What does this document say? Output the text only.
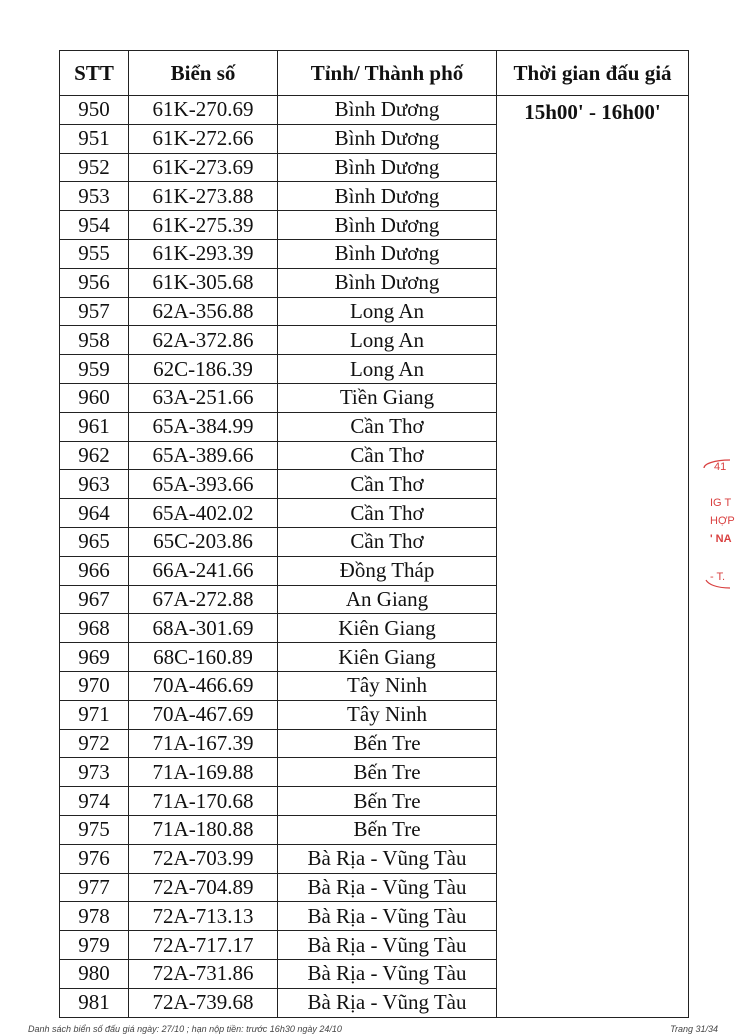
STT	Biển số	Tỉnh/ Thành phố	Thời gian đấu giá
950	61K-270.69	Bình Dương	15h00' - 16h00'
951	61K-272.66	Bình Dương	
952	61K-273.69	Bình Dương	
953	61K-273.88	Bình Dương	
954	61K-275.39	Bình Dương	
955	61K-293.39	Bình Dương	
956	61K-305.68	Bình Dương	
957	62A-356.88	Long An	
958	62A-372.86	Long An	
959	62C-186.39	Long An	
960	63A-251.66	Tiền Giang	
961	65A-384.99	Cần Thơ	
962	65A-389.66	Cần Thơ	
963	65A-393.66	Cần Thơ	
964	65A-402.02	Cần Thơ	
965	65C-203.86	Cần Thơ	
966	66A-241.66	Đồng Tháp	
967	67A-272.88	An Giang	
968	68A-301.69	Kiên Giang	
969	68C-160.89	Kiên Giang	
970	70A-466.69	Tây Ninh	
971	70A-467.69	Tây Ninh	
972	71A-167.39	Bến Tre	
973	71A-169.88	Bến Tre	
974	71A-170.68	Bến Tre	
975	71A-180.88	Bến Tre	
976	72A-703.99	Bà Rịa - Vũng Tàu	
977	72A-704.89	Bà Rịa - Vũng Tàu	
978	72A-713.13	Bà Rịa - Vũng Tàu	
979	72A-717.17	Bà Rịa - Vũng Tàu	
980	72A-731.86	Bà Rịa - Vũng Tàu	
981	72A-739.68	Bà Rịa - Vũng Tàu	
41
IG T
HỢP
' NA
- T.
Danh sách biển số đấu giá ngày: 27/10 ; hạn nộp tiền: trước 16h30 ngày 24/10	Trang 31/34
